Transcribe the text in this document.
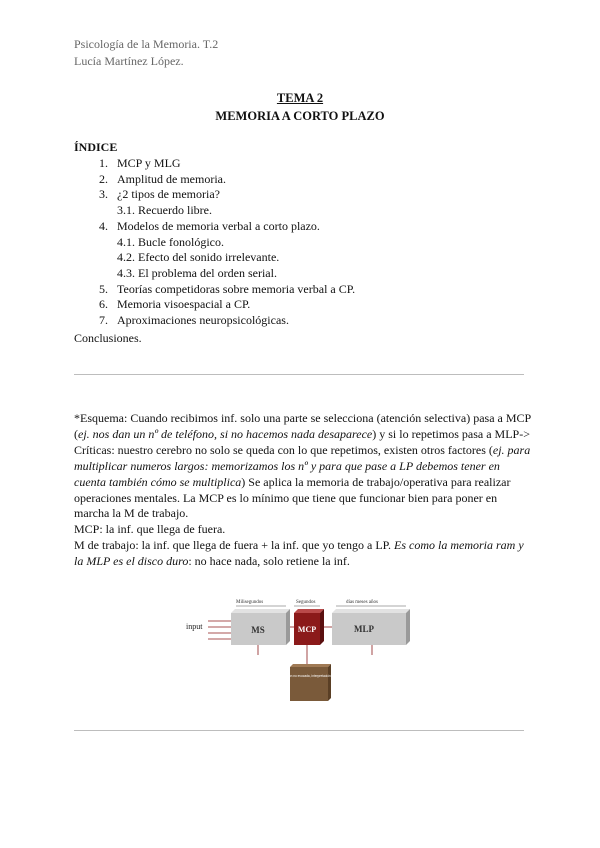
Psicología de la Memoria. T.2
Lucía Martínez López.
TEMA 2
MEMORIA A CORTO PLAZO
ÍNDICE
1. MCP y MLG
2. Amplitud de memoria.
3. ¿2 tipos de memoria?
3.1. Recuerdo libre.
4. Modelos de memoria verbal a corto plazo.
4.1. Bucle fonológico.
4.2. Efecto del sonido irrelevante.
4.3. El problema del orden serial.
5. Teorías competidoras sobre memoria verbal a CP.
6. Memoria visoespacial a CP.
7. Aproximaciones neuropsicológicas.
Conclusiones.

*Esquema: Cuando recibimos inf. solo una parte se selecciona (atención selectiva) pasa a MCP (ej. nos dan un nº de teléfono, si no hacemos nada desaparece) y si lo repetimos pasa a MLP-> Críticas: nuestro cerebro no solo se queda con lo que repetimos, existen otros factores (ej. para multiplicar numeros largos: memorizamos los nº y para que pase a LP debemos tener en cuenta también cómo se multiplica) Se aplica la memoria de trabajo/operativa para realizar operaciones mentales. La MCP es lo mínimo que tiene que funcionar bien para poner en marcha la M de trabajo.

MCP: la inf. que llega de fuera.

M de trabajo: la inf. que llega de fuera + la inf. que yo tengo a LP. Es como la memoria ram y la MLP es el disco duro: no hace nada, solo retiene la inf.

Milisegundos	Segundos	días meses años
input	MS	MCP	MLP
Información no evocada, interpretación perdida
